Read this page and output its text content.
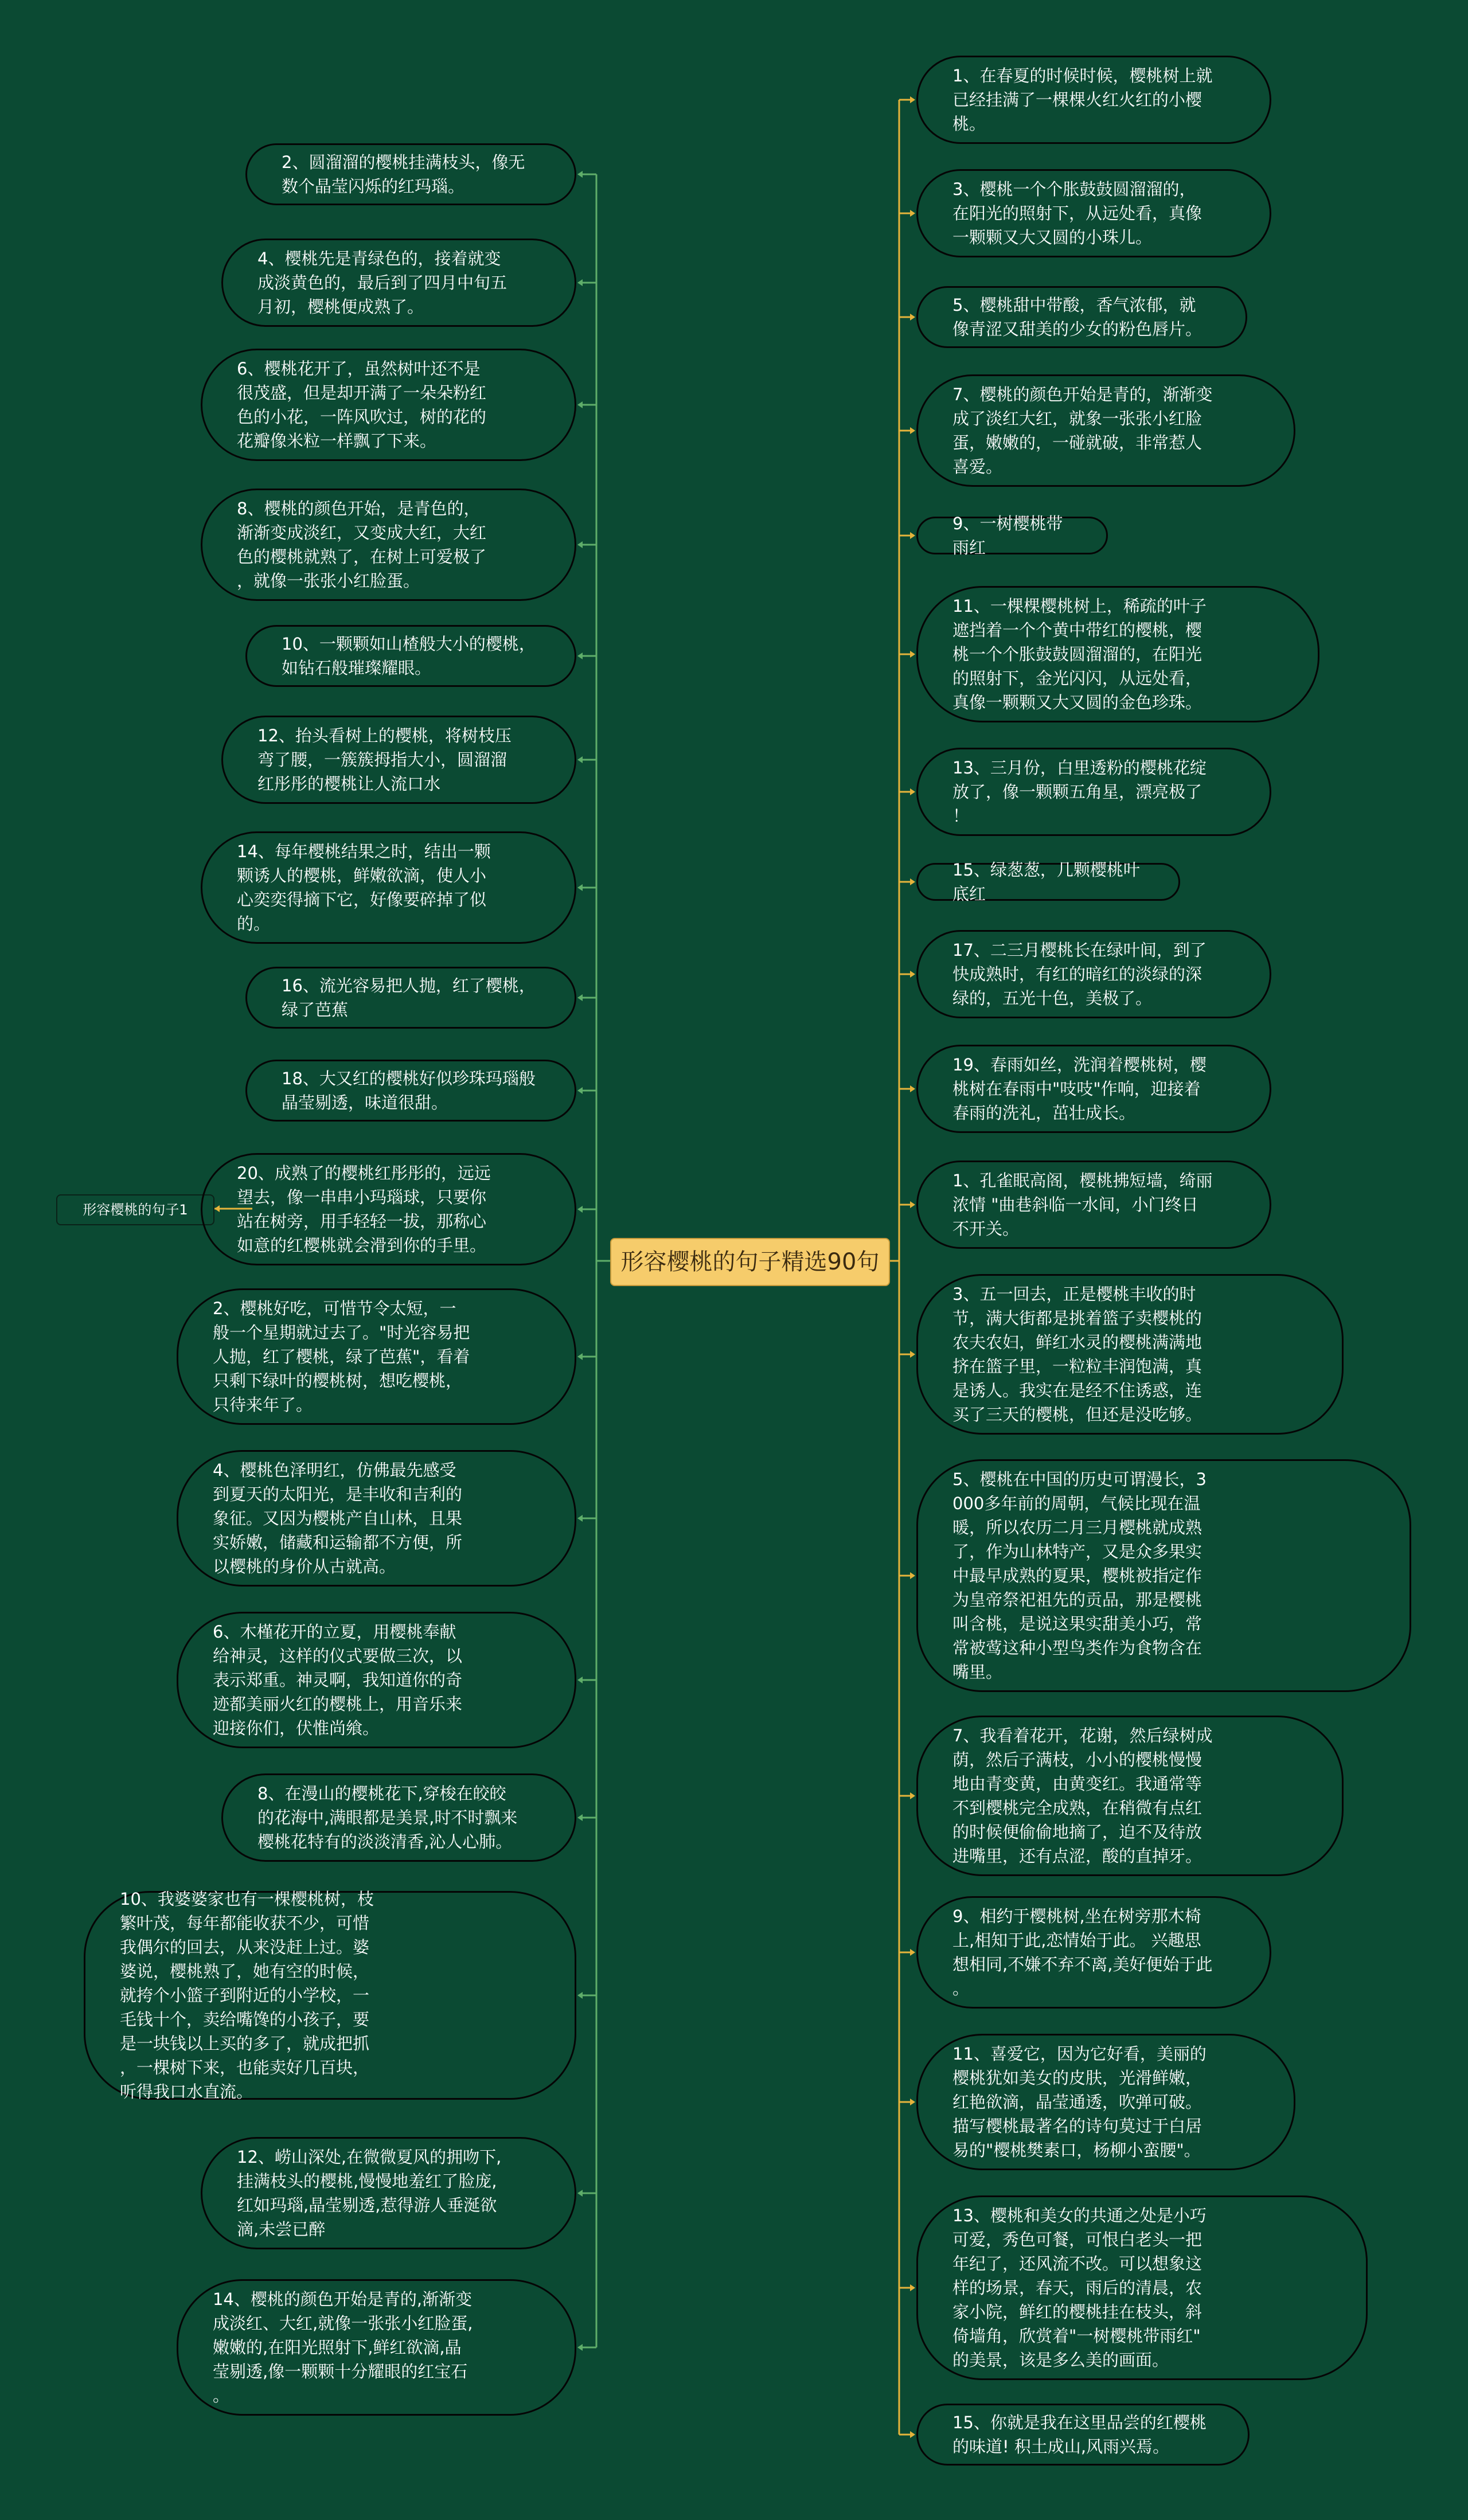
形容樱桃的句子1
形容樱桃的句子精选90句
2、圆溜溜的樱桃挂满枝头，像无
数个晶莹闪烁的红玛瑙。
4、樱桃先是青绿色的，接着就变
成淡黄色的，最后到了四月中旬五
月初，樱桃便成熟了。
6、樱桃花开了，虽然树叶还不是
很茂盛，但是却开满了一朵朵粉红
色的小花，一阵风吹过，树的花的
花瓣像米粒一样飘了下来。
8、樱桃的颜色开始，是青色的，
渐渐变成淡红，又变成大红，大红
色的樱桃就熟了，在树上可爱极了
，就像一张张小红脸蛋。
10、一颗颗如山楂般大小的樱桃，
如钻石般璀璨耀眼。
12、抬头看树上的樱桃，将树枝压
弯了腰，一簇簇拇指大小，圆溜溜
红彤彤的樱桃让人流口水
14、每年樱桃结果之时，结出一颗
颗诱人的樱桃，鲜嫩欲滴，使人小
心奕奕得摘下它，好像要碎掉了似
的。
16、流光容易把人抛，红了樱桃，
绿了芭蕉
18、大又红的樱桃好似珍珠玛瑙般
晶莹剔透，味道很甜。
20、成熟了的樱桃红彤彤的，远远
望去，像一串串小玛瑙球，只要你
站在树旁，用手轻轻一拔，那称心
如意的红樱桃就会滑到你的手里。
2、樱桃好吃，可惜节令太短，一
般一个星期就过去了。"时光容易把
人抛，红了樱桃，绿了芭蕉"，看着
只剩下绿叶的樱桃树，想吃樱桃，
只待来年了。
4、樱桃色泽明红，仿佛最先感受
到夏天的太阳光，是丰收和吉利的
象征。又因为樱桃产自山林，且果
实娇嫩，储藏和运输都不方便，所
以樱桃的身价从古就高。
6、木槿花开的立夏，用樱桃奉献
给神灵，这样的仪式要做三次，以
表示郑重。神灵啊，我知道你的奇
迹都美丽火红的樱桃上，用音乐来
迎接你们，伏惟尚飨。
8、在漫山的樱桃花下,穿梭在皎皎
的花海中,满眼都是美景,时不时飘来
樱桃花特有的淡淡清香,沁人心肺。
10、我婆婆家也有一棵樱桃树，枝
繁叶茂，每年都能收获不少，可惜
我偶尔的回去，从来没赶上过。婆
婆说，樱桃熟了，她有空的时候，
就挎个小篮子到附近的小学校，一
毛钱十个，卖给嘴馋的小孩子，要
是一块钱以上买的多了，就成把抓
，一棵树下来，也能卖好几百块，
听得我口水直流。
12、崂山深处,在微微夏风的拥吻下,
挂满枝头的樱桃,慢慢地羞红了脸庞,
红如玛瑙,晶莹剔透,惹得游人垂涎欲
滴,未尝已醉
14、樱桃的颜色开始是青的,渐渐变
成淡红、大红,就像一张张小红脸蛋,
嫩嫩的,在阳光照射下,鲜红欲滴,晶
莹剔透,像一颗颗十分耀眼的红宝石
。
1、在春夏的时候时候，樱桃树上就
已经挂满了一棵棵火红火红的小樱
桃。
3、樱桃一个个胀鼓鼓圆溜溜的，
在阳光的照射下，从远处看，真像
一颗颗又大又圆的小珠儿。
5、樱桃甜中带酸，香气浓郁，就
像青涩又甜美的少女的粉色唇片。
7、樱桃的颜色开始是青的，渐渐变
成了淡红大红，就象一张张小红脸
蛋，嫩嫩的，一碰就破，非常惹人
喜爱。
9、一树樱桃带雨红
11、一棵棵樱桃树上，稀疏的叶子
遮挡着一个个黄中带红的樱桃，樱
桃一个个胀鼓鼓圆溜溜的，在阳光
的照射下，金光闪闪，从远处看，
真像一颗颗又大又圆的金色珍珠。
13、三月份，白里透粉的樱桃花绽
放了，像一颗颗五角星，漂亮极了
！
15、绿葱葱，几颗樱桃叶底红
17、二三月樱桃长在绿叶间，到了
快成熟时，有红的暗红的淡绿的深
绿的，五光十色，美极了。
19、春雨如丝，洗润着樱桃树，樱
桃树在春雨中"吱吱"作响，迎接着
春雨的洗礼，茁壮成长。
1、孔雀眠高阁，樱桃拂短墙，绮丽
浓情 "曲巷斜临一水间，小门终日
不开关。
3、五一回去，正是樱桃丰收的时
节，满大街都是挑着篮子卖樱桃的
农夫农妇，鲜红水灵的樱桃满满地
挤在篮子里，一粒粒丰润饱满，真
是诱人。我实在是经不住诱惑，连
买了三天的樱桃，但还是没吃够。
5、樱桃在中国的历史可谓漫长，3
000多年前的周朝，气候比现在温
暖，所以农历二月三月樱桃就成熟
了，作为山林特产，又是众多果实
中最早成熟的夏果，樱桃被指定作
为皇帝祭祀祖先的贡品，那是樱桃
叫含桃，是说这果实甜美小巧，常
常被莺这种小型鸟类作为食物含在
嘴里。
7、我看着花开，花谢，然后绿树成
荫，然后子满枝，小小的樱桃慢慢
地由青变黄，由黄变红。我通常等
不到樱桃完全成熟，在稍微有点红
的时候便偷偷地摘了，迫不及待放
进嘴里，还有点涩，酸的直掉牙。
9、相约于樱桃树,坐在树旁那木椅
上,相知于此,恋情始于此。 兴趣思
想相同,不嫌不弃不离,美好便始于此
。
11、喜爱它，因为它好看，美丽的
樱桃犹如美女的皮肤，光滑鲜嫩，
红艳欲滴，晶莹通透，吹弹可破。
描写樱桃最著名的诗句莫过于白居
易的"樱桃樊素口，杨柳小蛮腰"。
13、樱桃和美女的共通之处是小巧
可爱，秀色可餐，可恨白老头一把
年纪了，还风流不改。可以想象这
样的场景，春天，雨后的清晨，农
家小院，鲜红的樱桃挂在枝头，斜
倚墙角，欣赏着"一树樱桃带雨红"
的美景，该是多么美的画面。
15、你就是我在这里品尝的红樱桃
的味道! 积土成山,风雨兴焉。
